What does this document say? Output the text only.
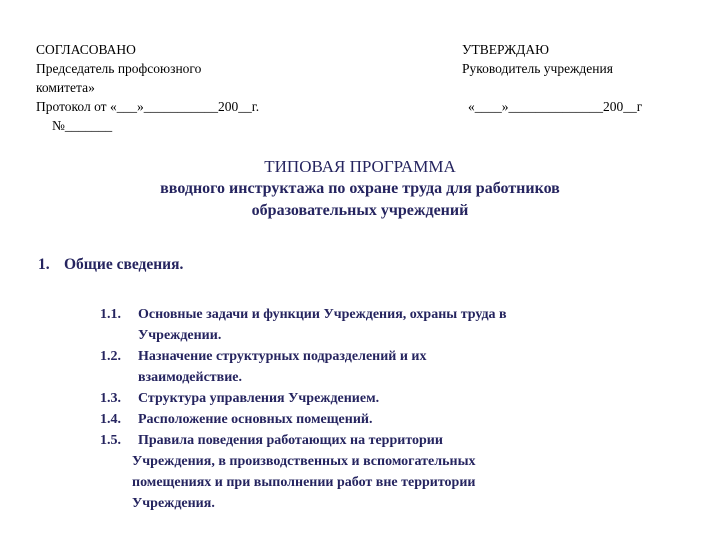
СОГЛАСОВАНО
Председатель профсоюзного
комитета»
Протокол от «___»___________200__г.
№_______
УТВЕРЖДАЮ
Руководитель учреждения
«____»______________200__г
ТИПОВАЯ ПРОГРАММА
вводного инструктажа по охране труда для работников
образовательных учреждений
1. Общие сведения.
1.1.	Основные задачи и функции Учреждения, охраны труда в
Учреждении.
1.2.	Назначение структурных подразделений и их
взаимодействие.
1.3.	Структура управления Учреждением.
1.4.	Расположение основных помещений.
1.5.	Правила поведения работающих на территории
Учреждения, в производственных и вспомогательных
помещениях и при выполнении работ вне территории
Учреждения.
